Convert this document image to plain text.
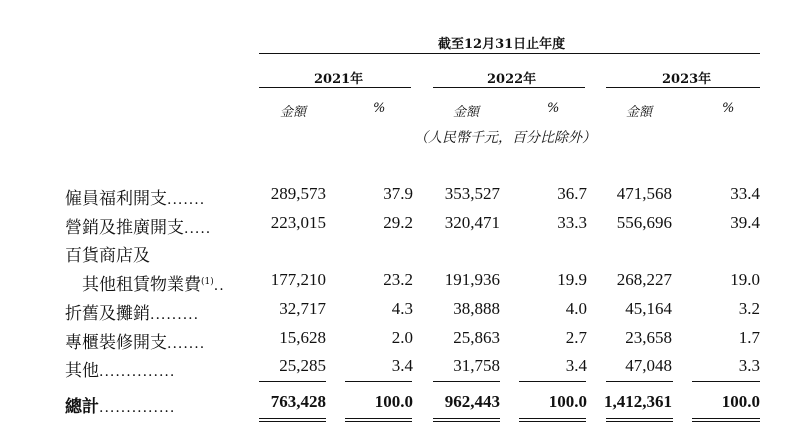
截至12月31日止年度
2021年	2022年	2023年
金額	%	金額	%	金額	%
（人民幣千元，百分比除外）
僱員福利開支.......	289,573	37.9 353,527	36.7 471,568	33.4
營銷及推廣開支.....	223,015	29.2 320,471	33.3 556,696	39.4
百貨商店及
其他租賃物業費$^{(1)}$..	177,210	23.2 191,936	19.9 268,227	19.0
折舊及攤銷.........	32,717	4.3 38,888	4.0 45,164	3.2
專櫃裝修開支.......	15,628	2.0 25,863	2.7 23,658	1.7
其他..............	25,285	3.4 31,758	3.4 47,048	3.3
總計..............	763,428	100.0 962,443	100.0 1,412,361	100.0
